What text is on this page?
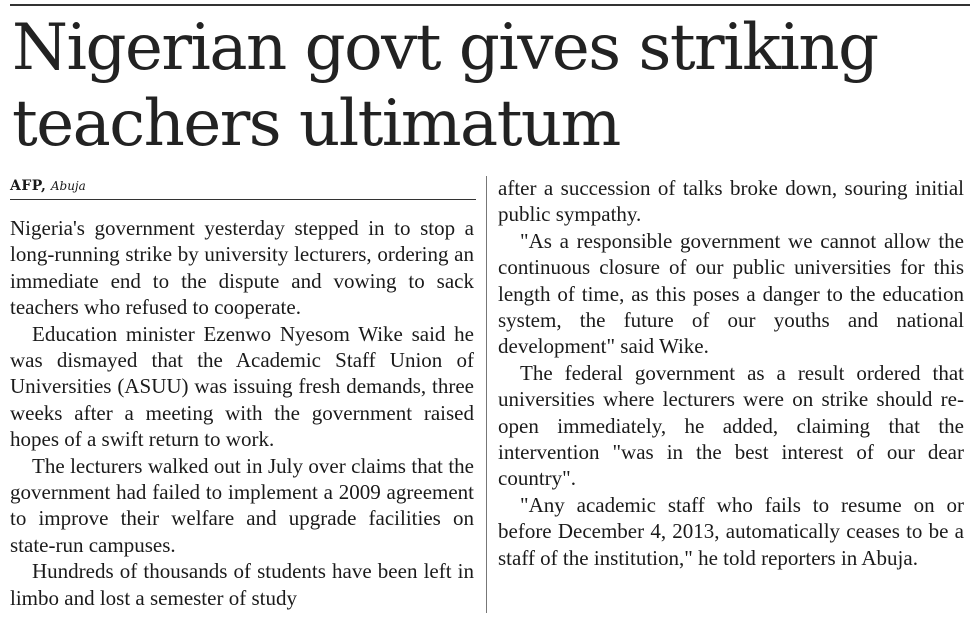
Nigerian govt gives striking teachers ultimatum
AFP, Abuja

Nigeria's government yesterday stepped in to stop a long-running strike by university lecturers, ordering an immediate end to the dispute and vowing to sack teachers who refused to cooperate.

Education minister Ezenwo Nyesom Wike said he was dismayed that the Academic Staff Union of Universities (ASUU) was issuing fresh demands, three weeks after a meeting with the government raised hopes of a swift return to work.

The lecturers walked out in July over claims that the government had failed to implement a 2009 agreement to improve their welfare and upgrade facilities on state-run campuses.

Hundreds of thousands of students have been left in limbo and lost a semester of study

after a succession of talks broke down, souring initial public sympathy.

"As a responsible government we cannot allow the continuous closure of our public universities for this length of time, as this poses a danger to the education system, the future of our youths and national development" said Wike.

The federal government as a result ordered that universities where lecturers were on strike should re-open immediately, he added, claiming that the intervention "was in the best interest of our dear country".

"Any academic staff who fails to resume on or before December 4, 2013, automatically ceases to be a staff of the institution," he told reporters in Abuja.
